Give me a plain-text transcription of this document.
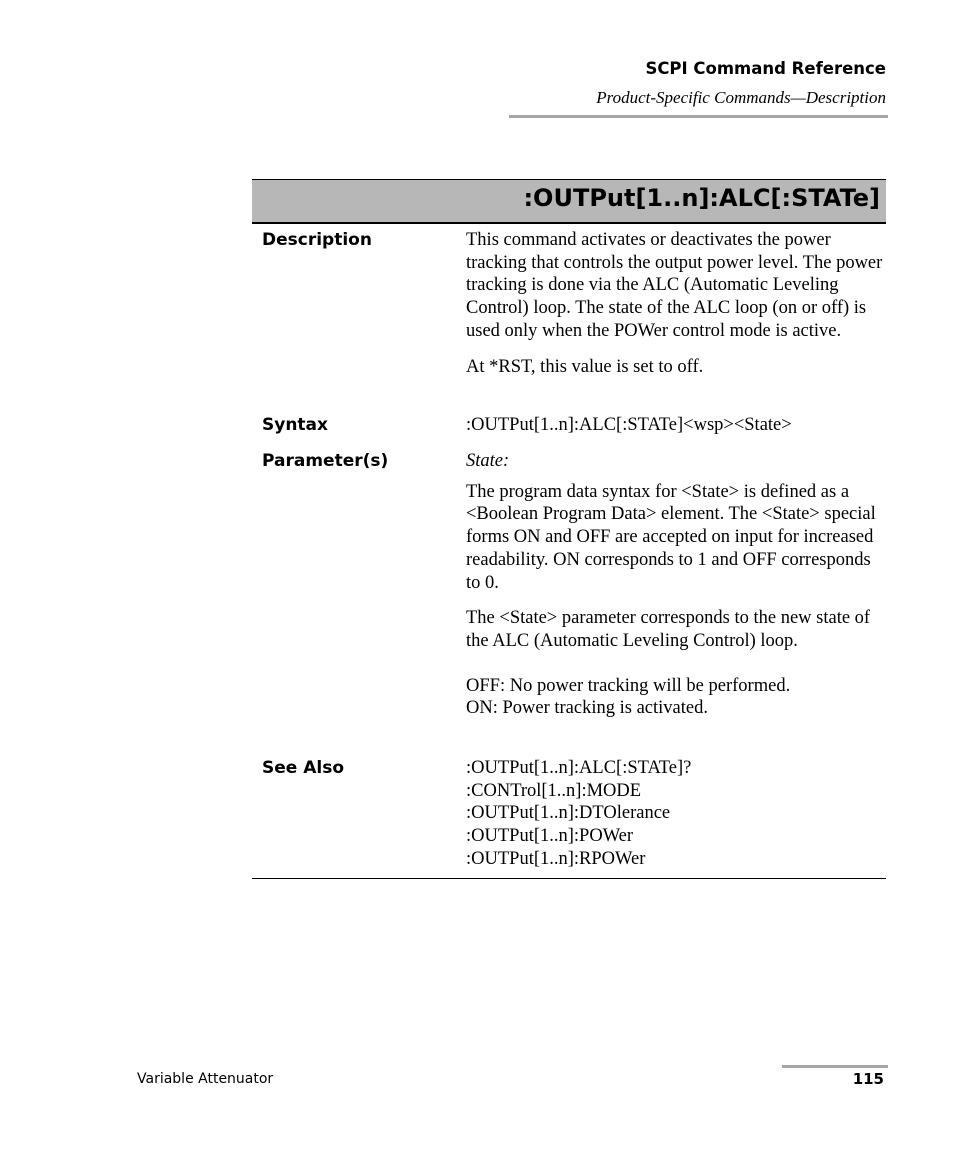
SCPI Command Reference
Product-Specific Commands—Description
:OUTPut[1..n]:ALC[:STATe]
Description	This command activates or deactivates the power tracking that controls the output power level. The power tracking is done via the ALC (Automatic Leveling Control) loop. The state of the ALC loop (on or off) is used only when the POWer control mode is active.

At *RST, this value is set to off.

Syntax	:OUTPut[1..n]:ALC[:STATe]<wsp><State>

Parameter(s)	State:

The program data syntax for <State> is defined as a <Boolean Program Data> element. The <State> special forms ON and OFF are accepted on input for increased readability. ON corresponds to 1 and OFF corresponds to 0.

The <State> parameter corresponds to the new state of the ALC (Automatic Leveling Control) loop.

OFF: No power tracking will be performed.

ON: Power tracking is activated.

See Also	:OUTPut[1..n]:ALC[:STATe]?

:CONTrol[1..n]:MODE

:OUTPut[1..n]:DTOlerance

:OUTPut[1..n]:POWer

:OUTPut[1..n]:RPOWer

Variable Attenuator	115
